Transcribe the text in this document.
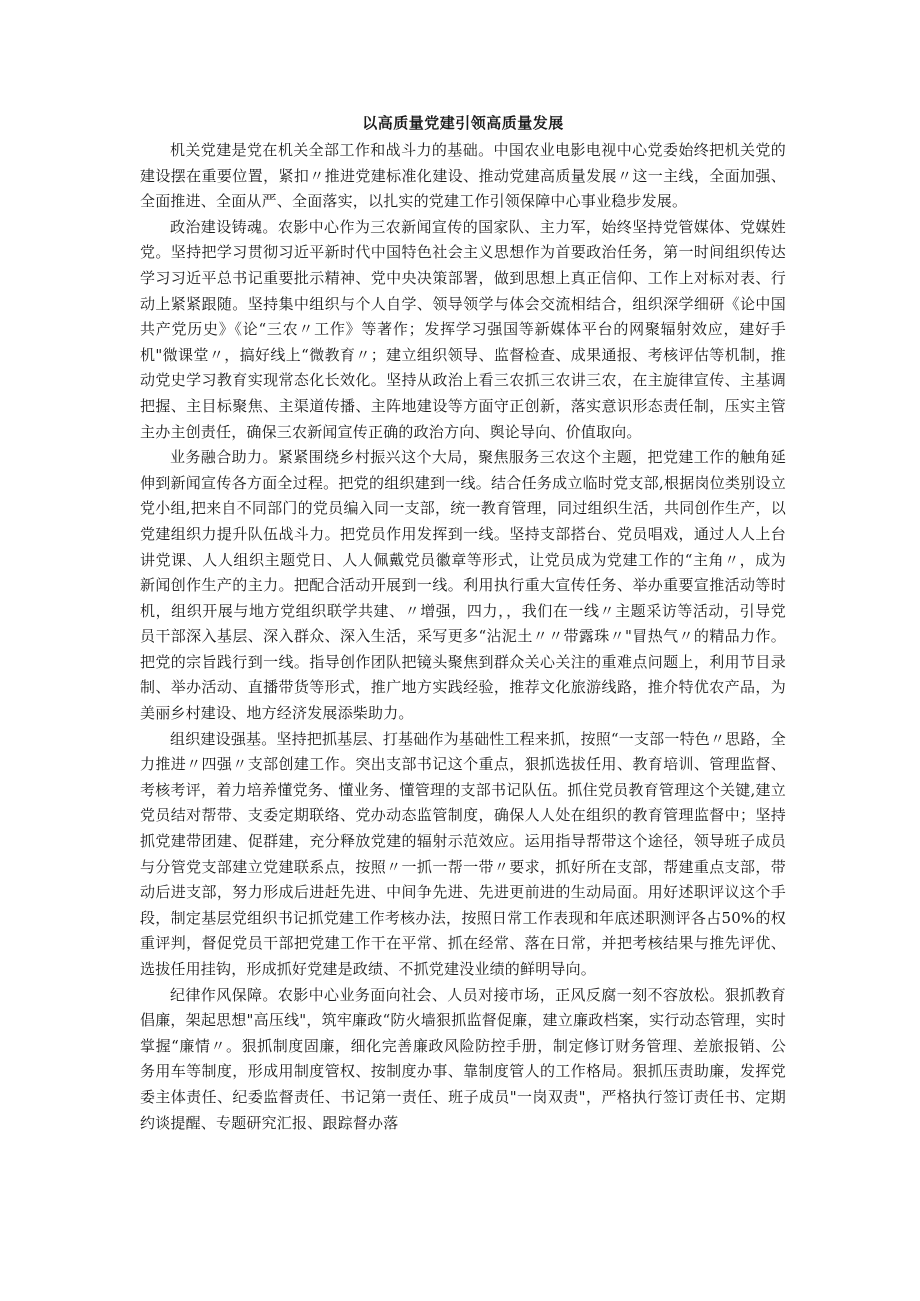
以高质量党建引领高质量发展

机关党建是党在机关全部工作和战斗力的基础。中国农业电影电视中心党委始终把机关党的建设摆在重要位置，紧扣〃推进党建标准化建设、推动党建高质量发展〃这一主线，全面加强、全面推进、全面从严、全面落实，以扎实的党建工作引领保障中心事业稳步发展。

政治建设铸魂。农影中心作为三农新闻宣传的国家队、主力军，始终坚持党管媒体、党媒姓党。坚持把学习贯彻习近平新时代中国特色社会主义思想作为首要政治任务，第一时间组织传达学习习近平总书记重要批示精神、党中央决策部署，做到思想上真正信仰、工作上对标对表、行动上紧紧跟随。坚持集中组织与个人自学、领导领学与体会交流相结合，组织深学细研《论中国共产党历史》《论“三农〃工作》等著作；发挥学习强国等新媒体平台的网聚辐射效应，建好手机"微课堂〃，搞好线上“微教育〃；建立组织领导、监督检查、成果通报、考核评估等机制，推动党史学习教育实现常态化长效化。坚持从政治上看三农抓三农讲三农，在主旋律宣传、主基调把握、主目标聚焦、主渠道传播、主阵地建设等方面守正创新，落实意识形态责任制，压实主管主办主创责任，确保三农新闻宣传正确的政治方向、舆论导向、价值取向。

业务融合助力。紧紧围绕乡村振兴这个大局，聚焦服务三农这个主题，把党建工作的触角延伸到新闻宣传各方面全过程。把党的组织建到一线。结合任务成立临时党支部,根据岗位类别设立党小组,把来自不同部门的党员编入同一支部，统一教育管理，同过组织生活，共同创作生产，以党建组织力提升队伍战斗力。把党员作用发挥到一线。坚持支部搭台、党员唱戏，通过人人上台讲党课、人人组织主题党日、人人佩戴党员徽章等形式，让党员成为党建工作的“主角〃，成为新闻创作生产的主力。把配合活动开展到一线。利用执行重大宣传任务、举办重要宣推活动等时机，组织开展与地方党组织联学共建、〃增强，四力，，我们在一线〃主题采访等活动，引导党员干部深入基层、深入群众、深入生活，采写更多“沾泥土〃〃带露珠〃"冒热气〃的精品力作。把党的宗旨践行到一线。指导创作团队把镜头聚焦到群众关心关注的重难点问题上，利用节目录制、举办活动、直播带货等形式，推广地方实践经验，推荐文化旅游线路，推介特优农产品，为美丽乡村建设、地方经济发展添柴助力。

组织建设强基。坚持把抓基层、打基础作为基础性工程来抓，按照“一支部一特色〃思路，全力推进〃四强〃支部创建工作。突出支部书记这个重点，狠抓选拔任用、教育培训、管理监督、考核考评，着力培养懂党务、懂业务、懂管理的支部书记队伍。抓住党员教育管理这个关键,建立党员结对帮带、支委定期联络、党办动态监管制度，确保人人处在组织的教育管理监督中；坚持抓党建带团建、促群建，充分释放党建的辐射示范效应。运用指导帮带这个途径，领导班子成员与分管党支部建立党建联系点，按照〃一抓一帮一带〃要求，抓好所在支部，帮建重点支部，带动后进支部，努力形成后进赶先进、中间争先进、先进更前进的生动局面。用好述职评议这个手段，制定基层党组织书记抓党建工作考核办法，按照日常工作表现和年底述职测评各占50%的权重评判，督促党员干部把党建工作干在平常、抓在经常、落在日常，并把考核结果与推先评优、选拔任用挂钩，形成抓好党建是政绩、不抓党建没业绩的鲜明导向。

纪律作风保障。农影中心业务面向社会、人员对接市场，正风反腐一刻不容放松。狠抓教育倡廉，架起思想"高压线"，筑牢廉政“防火墙狠抓监督促廉，建立廉政档案，实行动态管理，实时掌握“廉情〃。狠抓制度固廉，细化完善廉政风险防控手册，制定修订财务管理、差旅报销、公务用车等制度，形成用制度管权、按制度办事、靠制度管人的工作格局。狠抓压责助廉，发挥党委主体责任、纪委监督责任、书记第一责任、班子成员"一岗双责"，严格执行签订责任书、定期约谈提醒、专题研究汇报、跟踪督办落
